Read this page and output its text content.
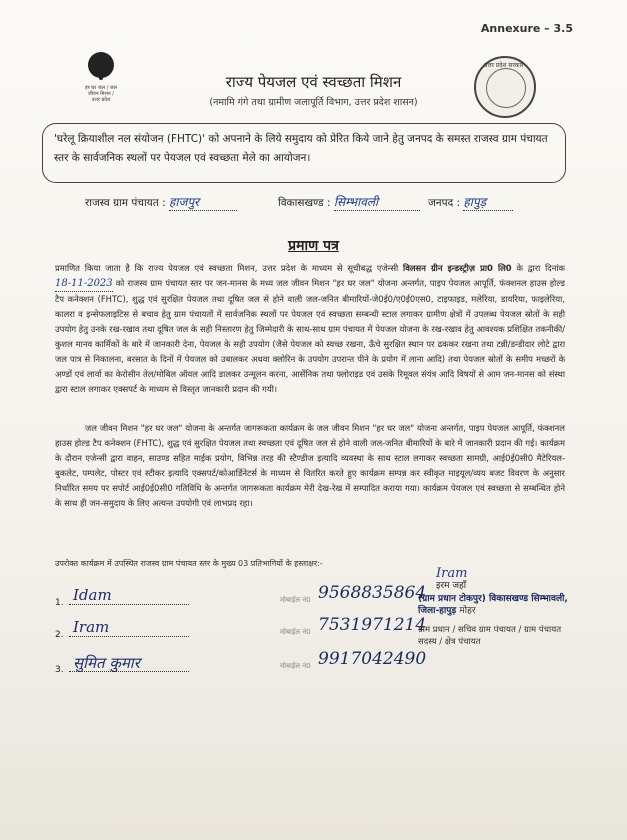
Annexure – 3.5
हर घर जल / जल जीवन मिशन / उत्तर प्रदेश
उत्तर प्रदेश सरकार
राज्य पेयजल एवं स्वच्छता मिशन
(नमामि गंगे तथा ग्रामीण जलापूर्ति विभाग, उत्तर प्रदेश शासन)
'घरेलू क्रियाशील नल संयोजन (FHTC)' को अपनाने के लिये समुदाय को प्रेरित किये जाने हेतु जनपद के समस्त राजस्व ग्राम पंचायत स्तर के सार्वजनिक स्थलों पर पेयजल एवं स्वच्छता मेले का आयोजन।
राजस्व ग्राम पंचायत : हाजपुर	विकासखण्ड : सिम्भावली	जनपद : हापुड़
प्रमाण पत्र
प्रमाणित किया जाता है कि राज्य पेयजल एवं स्वच्छता मिशन, उत्तर प्रदेश के माध्यम से सूचीबद्ध एजेन्सी विलसन ग्रीन इन्डस्ट्रीज़ प्रा0 लि0 के द्वारा दिनांक 18-11-2023 को राजस्व ग्राम पंचायत स्तर पर जन-मानस के मध्य जल जीवन मिशन "हर घर जल" योजना अन्तर्गत, पाइप पेयजल आपूर्ति, फंक्शनल हाउस होल्ड टैप कनेक्शन (FHTC), शुद्ध एवं सुरक्षित पेयजल तथा दूषित जल से होने वाली जल-जनित बीमारियों-जे0ई0/ए0ई0एस0, टाइफाइड, मलेरिया, डायरिया, फाइलेरिया, कालरा व इन्सेफलाइटिस से बचाव हेतु ग्राम पंचायतों में सार्वजनिक स्थलों पर पेयजल एवं स्वच्छता सम्बन्धी स्टाल लगाकर ग्रामीण क्षेत्रों में उपलब्ध पेयजल स्रोतों के सही उपयोग हेतु उनके रख-रखाव तथा दूषित जल के सही निस्तारण हेतु जिम्मेदारी के साथ-साथ ग्राम पंचायत में पेयजल योजना के रख-रखाव हेतु आवश्यक प्रशिक्षित तकनीकी/कुशल मानव कार्मिकों के बारे में जानकारी देना, पेयजल के सही उपयोग (जैसे पेयजल को स्वच्छ रखना, ऊँचे सुरक्षित स्थान पर ढककर रखना तथा टन्नी/डन्डीदार लोटे द्वारा जल पात्र से निकालना, बरसात के दिनों में पेयजल को उबालकर अथवा क्लोरिन के उपयोग उपरान्त पीने के प्रयोग में लाना आदि) तथा पेयजल स्रोतों के समीप मच्छरों के अण्डों एवं लार्वा का केरोसीन तेल/मोबिल ऑयल आदि डालकर उन्मूलन करना, आर्सेनिक तथा फ्लोराइड एवं उसके रिमूवल संयंत्र आदि विषयों से आम जन-मानस को संस्था द्वारा स्टाल लगाकर एक्सपर्ट के माध्यम से विस्तृत जानकारी प्रदान की गयी।
जल जीवन मिशन "हर घर जल" योजना के अन्तर्गत जागरूकता कार्यक्रम के जल जीवन मिशन "हर घर जल" योजना अन्तर्गत, पाइप पेयजल आपूर्ति, फंक्शनल हाउस होल्ड टैप कनेक्शन (FHTC), शुद्ध एवं सुरक्षित पेयजल तथा स्वच्छता एवं दूषित जल से होने वाली जल-जनित बीमारियों के बारे में जानकारी प्रदान की गई। कार्यक्रम के दौरान एजेन्सी द्वारा वाहन, साउण्ड सहित माईक प्रयोग, विभिन्न तरह की स्टैण्डीज इत्यादि व्यवस्था के साथ स्टाल लगाकर स्वच्छता सामग्री, आई0ई0सी0 मैटेरियल-बुकलेट, पम्पलेट, पोस्टर एवं स्टीकर इत्यादि एक्सपर्ट/कोआर्डिनेटर्स के माध्यम से वितरित करते हुए कार्यक्रम सम्पन्न कर स्वीकृत माइयूल/व्यय बजट विवरण के अनुसार निर्धारित समय पर सपोर्ट आई0ई0सी0 गतिविधि के अन्तर्गत जागरूकता कार्यक्रम मेरी देख-रेख में सम्पादित कराया गया। कार्यक्रम पेयजल एवं स्वच्छता से सम्बन्धित होने के साथ ही जन-समुदाय के लिए अत्यन्त उपयोगी एवं लाभप्रद रहा।
उपरोक्त कार्यक्रम में उपस्थित राजस्व ग्राम पंचायत स्तर के मुख्य 03 प्रतिभागियों के हस्ताक्षर:-
1. Idam
2. Iram
3. सुमित कुमार
मोबाईल नं0 9568835864
मोबाईल नं0 7531971214
मोबाईल नं0 9917042490
Iram
इरम जहाँ
(ग्राम प्रधान टोकपुर) विकासखण्ड सिम्भावली, जिला-हापुड़ मोहर
ग्राम प्रधान / सचिव ग्राम पंचायत / ग्राम पंचायत सदस्य / क्षेत्र पंचायत
